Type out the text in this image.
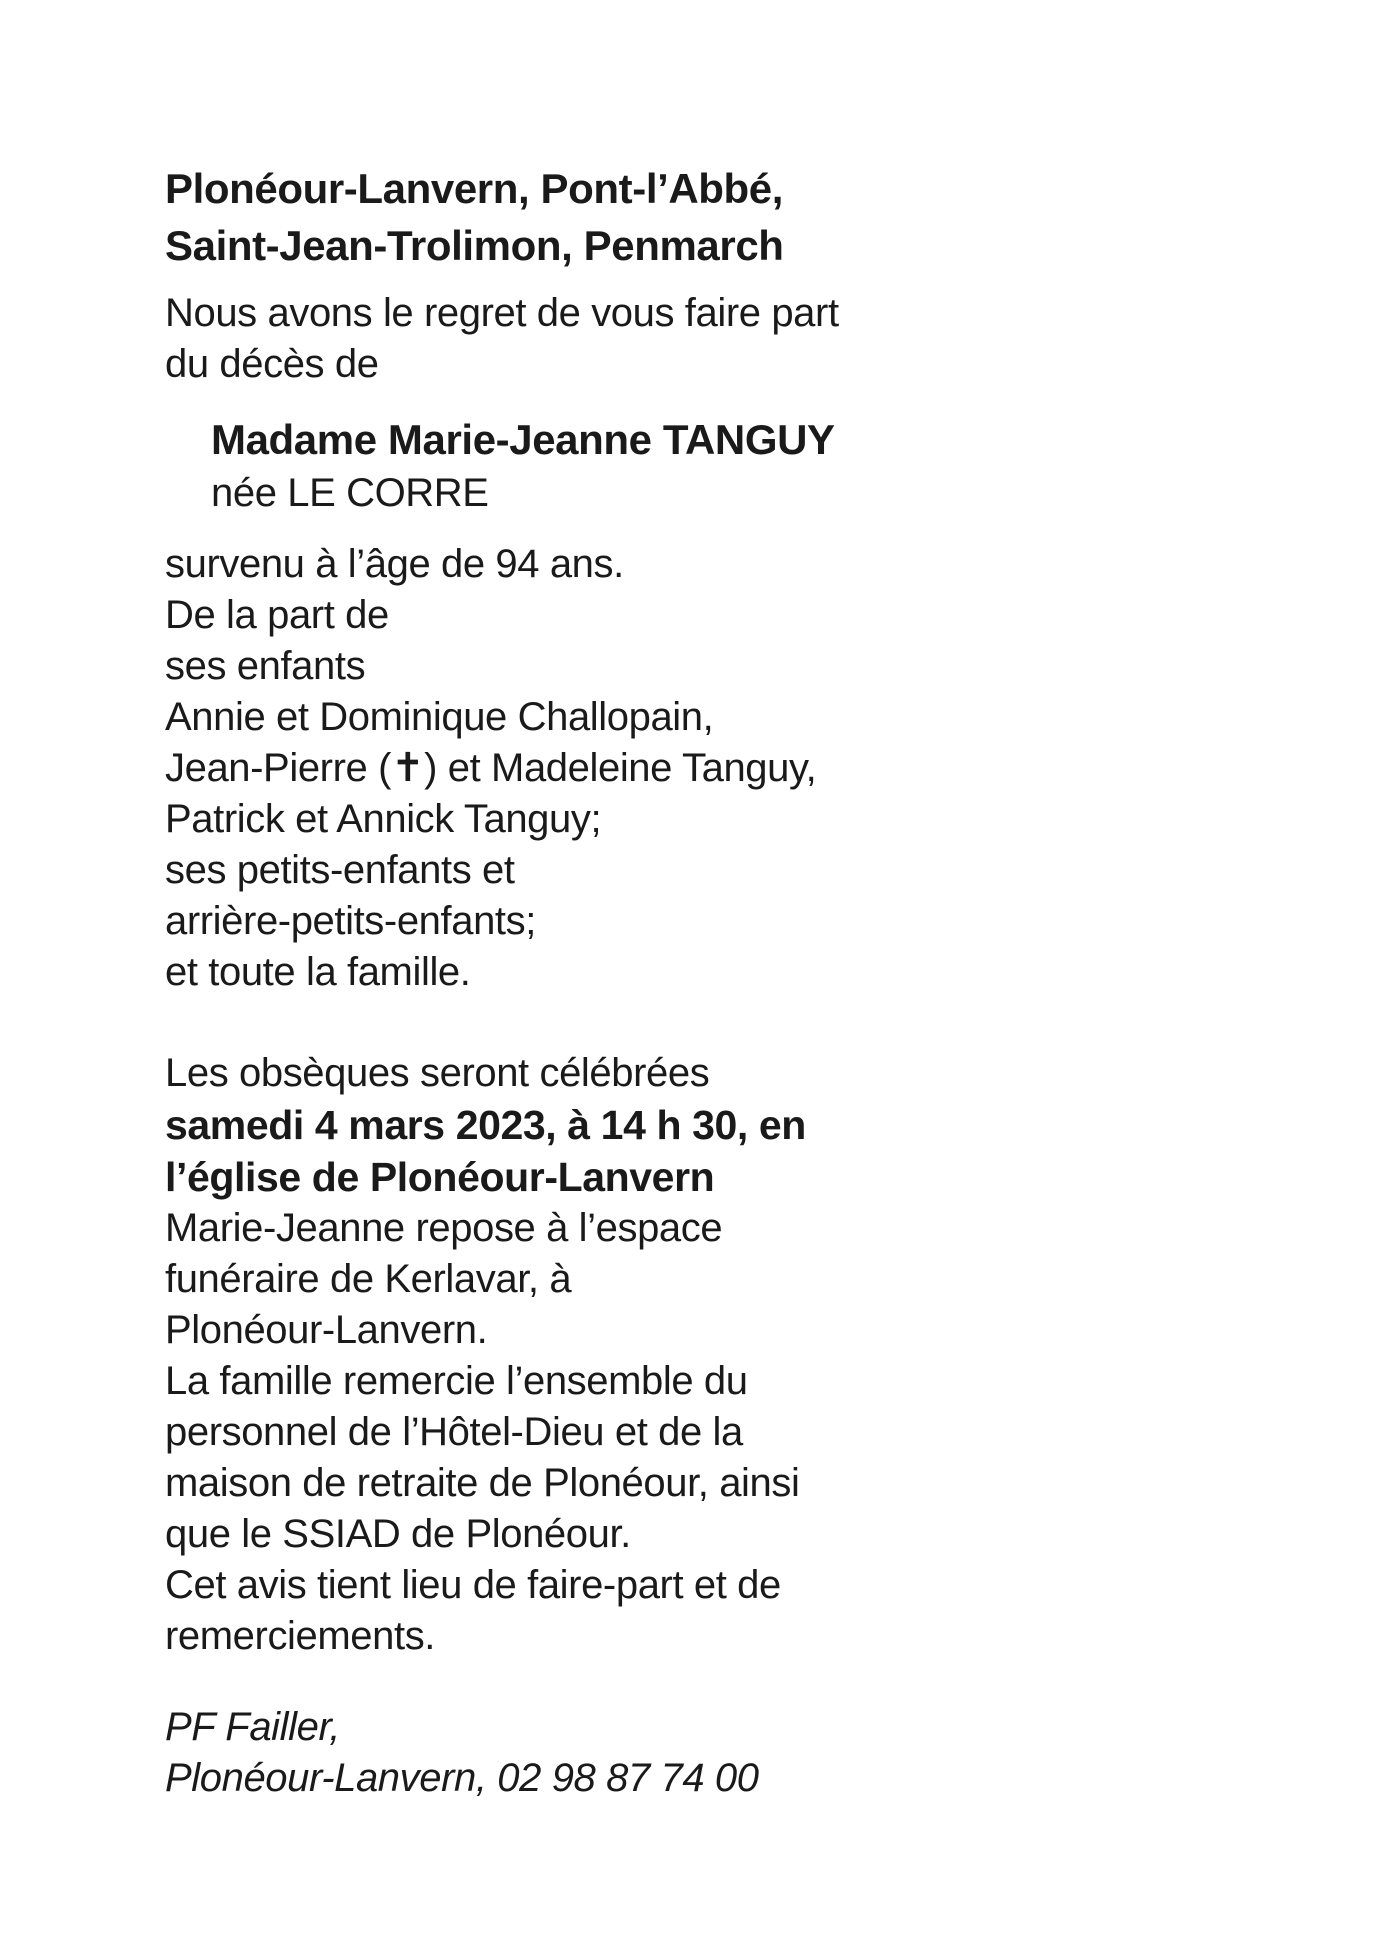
Plonéour-Lanvern, Pont-l’Abbé,
Saint-Jean-Trolimon, Penmarch
Nous avons le regret de vous faire part
du décès de
Madame Marie-Jeanne TANGUY
née LE CORRE
survenu à l’âge de 94 ans.
De la part de
ses enfants
Annie et Dominique Challopain,
Jean-Pierre (✝) et Madeleine Tanguy,
Patrick et Annick Tanguy;
ses petits-enfants et
arrière-petits-enfants;
et toute la famille.
Les obsèques seront célébrées
samedi 4 mars 2023, à 14 h 30, en
l’église de Plonéour-Lanvern
Marie-Jeanne repose à l’espace
funéraire de Kerlavar, à
Plonéour-Lanvern.
La famille remercie l’ensemble du
personnel de l’Hôtel-Dieu et de la
maison de retraite de Plonéour, ainsi
que le SSIAD de Plonéour.
Cet avis tient lieu de faire-part et de
remerciements.
PF Failler,
Plonéour-Lanvern, 02 98 87 74 00
